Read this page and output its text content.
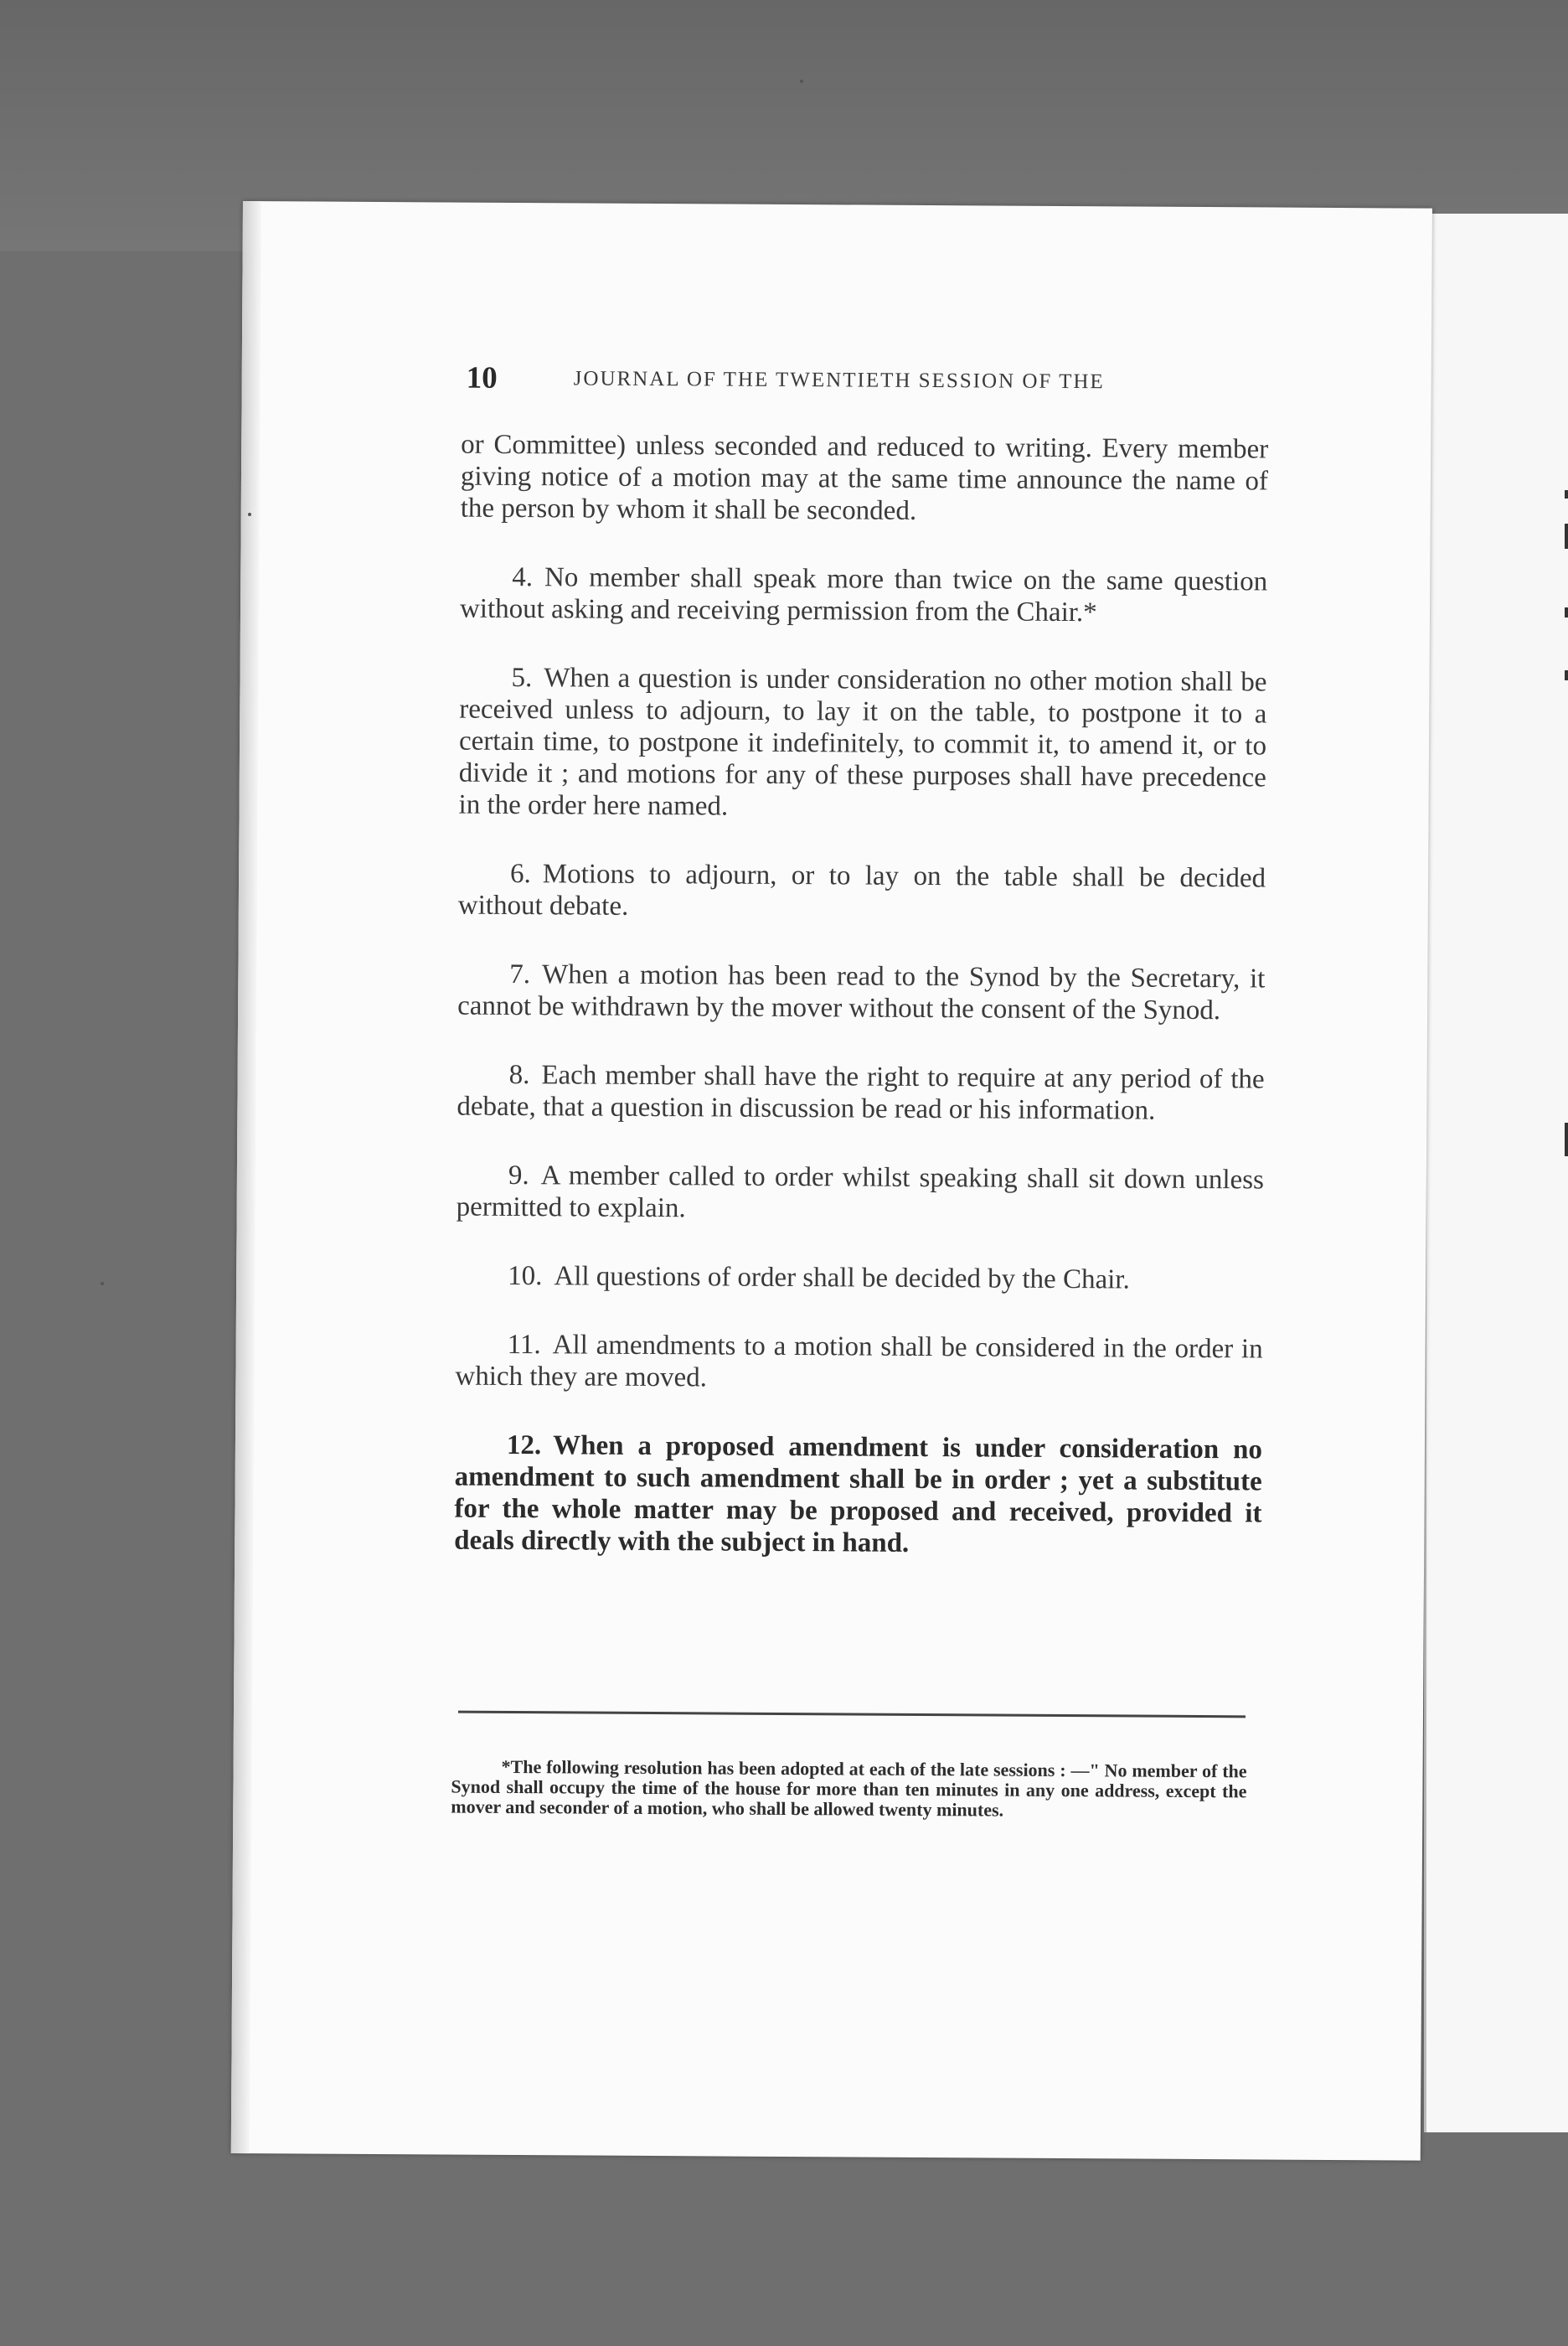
10	JOURNAL OF THE TWENTIETH SESSION OF THE

or Committee) unless seconded and reduced to writing. Every member giving notice of a motion may at the same time announce the name of the person by whom it shall be seconded.

4. No member shall speak more than twice on the same question without asking and receiving permission from the Chair.*

5. When a question is under consideration no other motion shall be received unless to adjourn, to lay it on the table, to postpone it to a certain time, to postpone it indefinitely, to commit it, to amend it, or to divide it ; and motions for any of these purposes shall have precedence in the order here named.

6. Motions to adjourn, or to lay on the table shall be decided without debate.

7. When a motion has been read to the Synod by the Secretary, it cannot be withdrawn by the mover without the consent of the Synod.

8. Each member shall have the right to require at any period of the debate, that a question in discussion be read or his information.

9. A member called to order whilst speaking shall sit down unless permitted to explain.

10. All questions of order shall be decided by the Chair.

11. All amendments to a motion shall be considered in the order in which they are moved.

12. When a proposed amendment is under consideration no amendment to such amendment shall be in order ; yet a substitute for the whole matter may be proposed and received, provided it deals directly with the subject in hand.

*The following resolution has been adopted at each of the late sessions : —" No member of the Synod shall occupy the time of the house for more than ten minutes in any one address, except the mover and seconder of a motion, who shall be allowed twenty minutes.
